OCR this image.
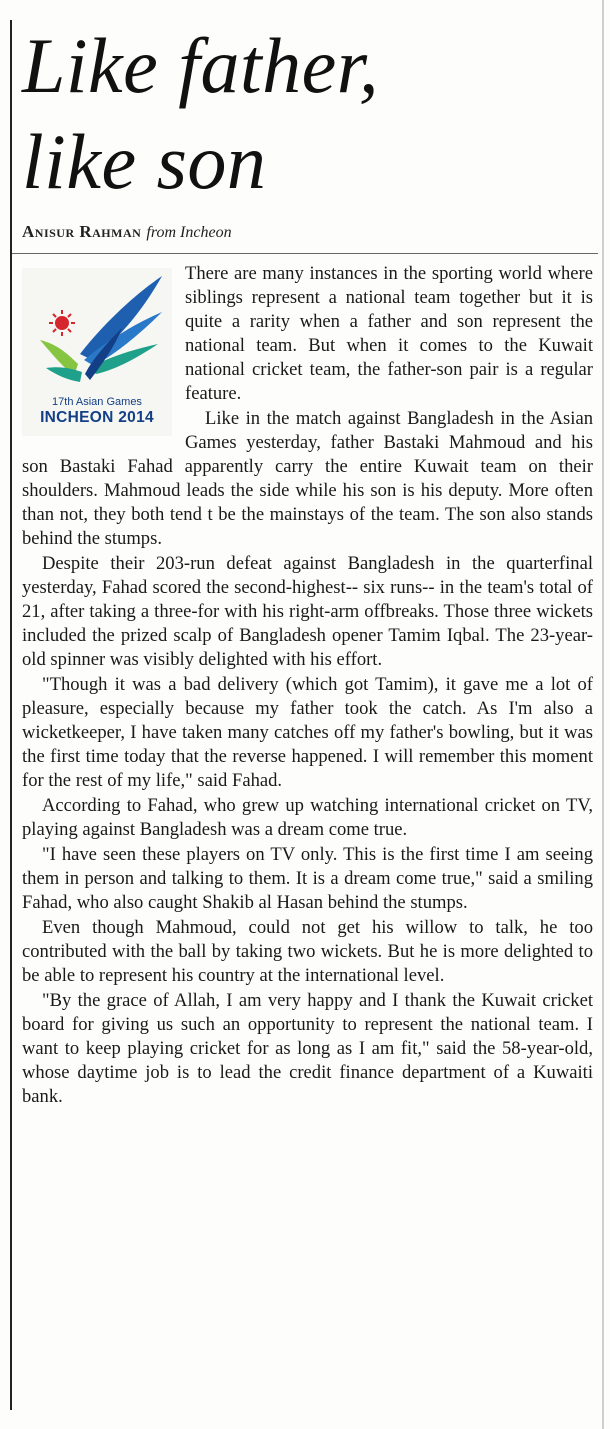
Like father,
like son
Anisur Rahman from Incheon
17th Asian Games
INCHEON 2014

There are many instances in the sporting world where siblings represent a national team together but it is quite a rarity when a father and son represent the national team. But when it comes to the Kuwait national cricket team, the father-son pair is a regular feature.

Like in the match against Bangladesh in the Asian Games yesterday, father Bastaki Mahmoud and his son Bastaki Fahad apparently carry the entire Kuwait team on their shoulders. Mahmoud leads the side while his son is his deputy. More often than not, they both tend t be the mainstays of the team. The son also stands behind the stumps.

Despite their 203-run defeat against Bangladesh in the quarterfinal yesterday, Fahad scored the second-highest-- six runs-- in the team's total of 21, after taking a three-for with his right-arm offbreaks. Those three wickets included the prized scalp of Bangladesh opener Tamim Iqbal. The 23-year-old spinner was visibly delighted with his effort.

"Though it was a bad delivery (which got Tamim), it gave me a lot of pleasure, especially because my father took the catch. As I'm also a wicketkeeper, I have taken many catches off my father's bowling, but it was the first time today that the reverse happened. I will remember this moment for the rest of my life," said Fahad.

According to Fahad, who grew up watching international cricket on TV, playing against Bangladesh was a dream come true.

"I have seen these players on TV only. This is the first time I am seeing them in person and talking to them. It is a dream come true," said a smiling Fahad, who also caught Shakib al Hasan behind the stumps.

Even though Mahmoud, could not get his willow to talk, he too contributed with the ball by taking two wickets. But he is more delighted to be able to represent his country at the international level.

"By the grace of Allah, I am very happy and I thank the Kuwait cricket board for giving us such an opportunity to represent the national team. I want to keep playing cricket for as long as I am fit," said the 58-year-old, whose daytime job is to lead the credit finance department of a Kuwaiti bank.
